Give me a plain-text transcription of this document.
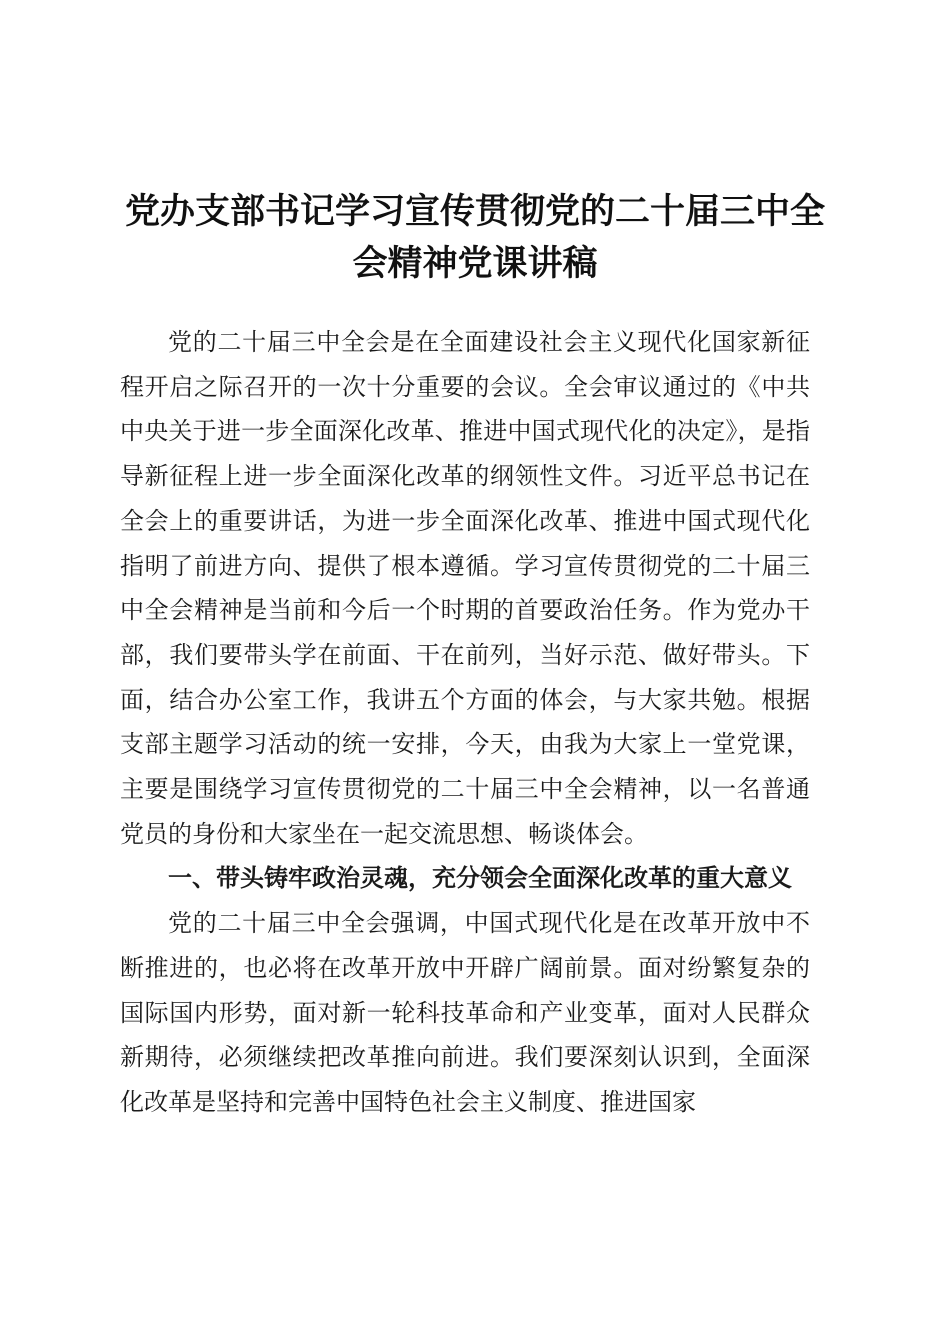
党办支部书记学习宣传贯彻党的二十届三中全
会精神党课讲稿

党的二十届三中全会是在全面建设社会主义现代化国家新征程开启之际召开的一次十分重要的会议。全会审议通过的《中共中央关于进一步全面深化改革、推进中国式现代化的决定》，是指导新征程上进一步全面深化改革的纲领性文件。习近平总书记在全会上的重要讲话，为进一步全面深化改革、推进中国式现代化指明了前进方向、提供了根本遵循。学习宣传贯彻党的二十届三中全会精神是当前和今后一个时期的首要政治任务。作为党办干部，我们要带头学在前面、干在前列，当好示范、做好带头。下面，结合办公室工作，我讲五个方面的体会，与大家共勉。根据支部主题学习活动的统一安排，今天，由我为大家上一堂党课，主要是围绕学习宣传贯彻党的二十届三中全会精神，以一名普通党员的身份和大家坐在一起交流思想、畅谈体会。

一、带头铸牢政治灵魂，充分领会全面深化改革的重大意义

党的二十届三中全会强调，中国式现代化是在改革开放中不断推进的，也必将在改革开放中开辟广阔前景。面对纷繁复杂的国际国内形势，面对新一轮科技革命和产业变革，面对人民群众新期待，必须继续把改革推向前进。我们要深刻认识到，全面深化改革是坚持和完善中国特色社会主义制度、推进国家
